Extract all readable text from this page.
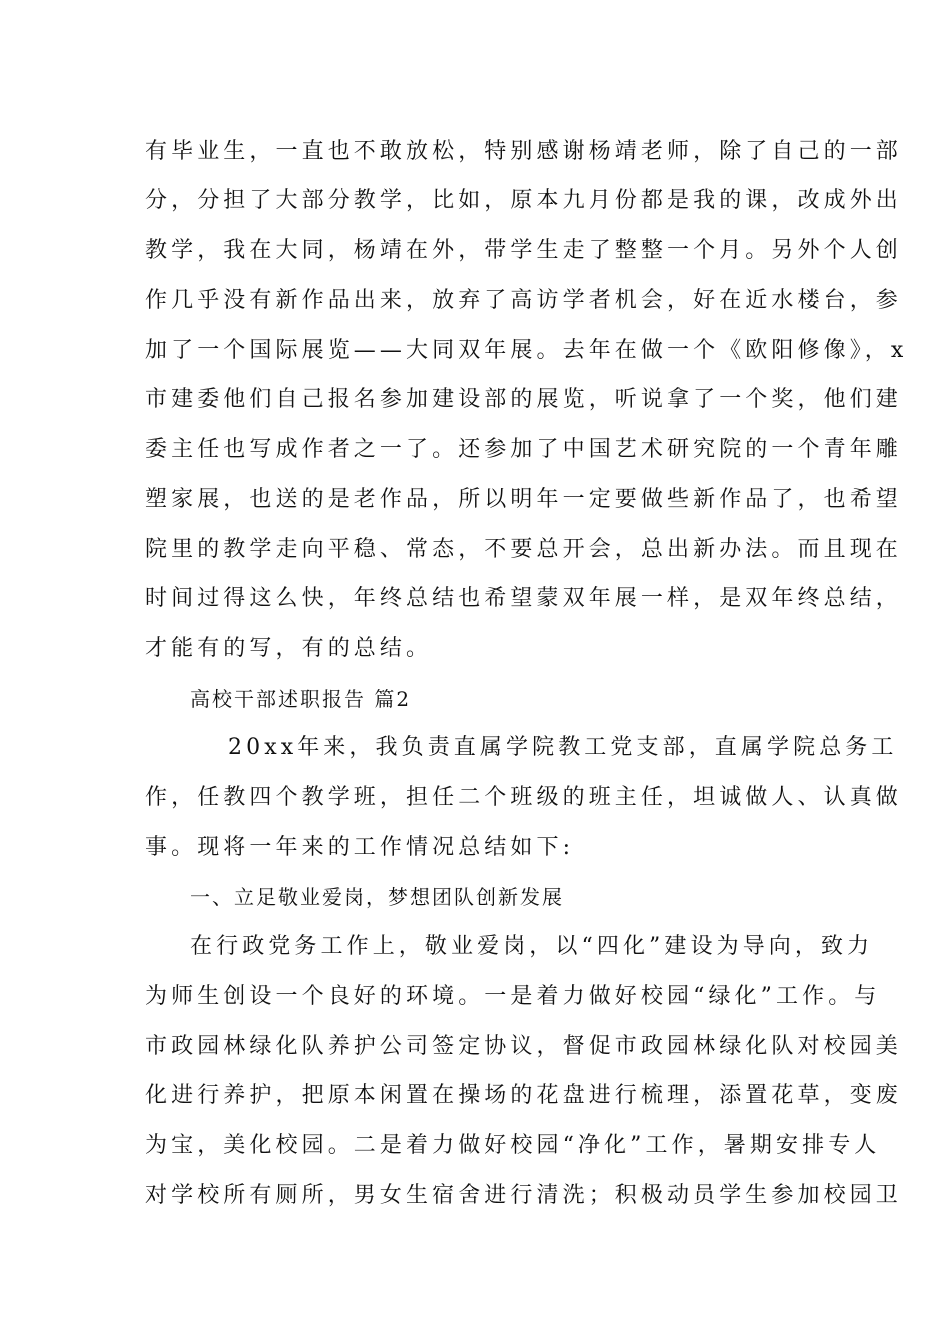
有毕业生，一直也不敢放松，特别感谢杨靖老师，除了自己的一部
分，分担了大部分教学，比如，原本九月份都是我的课，改成外出
教学，我在大同，杨靖在外，带学生走了整整一个月。另外个人创
作几乎没有新作品出来，放弃了高访学者机会，好在近水楼台，参
加了一个国际展览——大同双年展。去年在做一个《欧阳修像》，x
市建委他们自己报名参加建设部的展览，听说拿了一个奖，他们建
委主任也写成作者之一了。还参加了中国艺术研究院的一个青年雕
塑家展，也送的是老作品，所以明年一定要做些新作品了，也希望
院里的教学走向平稳、常态，不要总开会，总出新办法。而且现在
时间过得这么快，年终总结也希望蒙双年展一样，是双年终总结，
才能有的写，有的总结。
高校干部述职报告 篇2
20xx年来，我负责直属学院教工党支部，直属学院总务工
作，任教四个教学班，担任二个班级的班主任，坦诚做人、认真做
事。现将一年来的工作情况总结如下:
一、立足敬业爱岗，梦想团队创新发展
在行政党务工作上，敬业爱岗，以“四化”建设为导向，致力
为师生创设一个良好的环境。一是着力做好校园“绿化”工作。与
市政园林绿化队养护公司签定协议，督促市政园林绿化队对校园美
化进行养护，把原本闲置在操场的花盘进行梳理，添置花草，变废
为宝，美化校园。二是着力做好校园“净化”工作，暑期安排专人
对学校所有厕所，男女生宿舍进行清洗；积极动员学生参加校园卫
